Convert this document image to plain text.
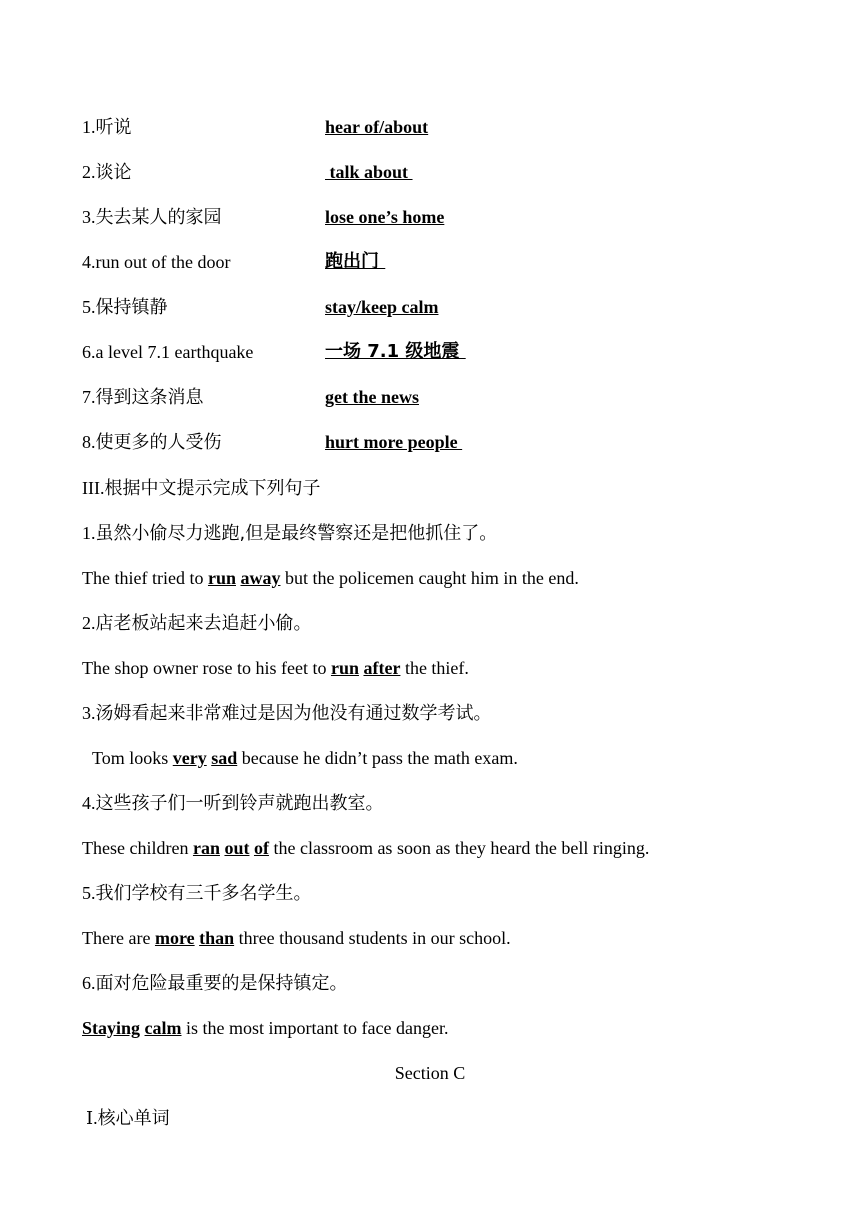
1.听说	hear of/about
2.谈论	talk about
3.失去某人的家园	lose one’s home
4.run out of the door	跑出门
5.保持镇静	stay/keep calm
6.a level 7.1 earthquake	一场 7.1 级地震
7.得到这条消息	get the news
8.使更多的人受伤	hurt more people
III.根据中文提示完成下列句子
1.虽然小偷尽力逃跑,但是最终警察还是把他抓住了。
The thief tried to run away but the policemen caught him in the end.
2.店老板站起来去追赶小偷。
The shop owner rose to his feet to run after the thief.
3.汤姆看起来非常难过是因为他没有通过数学考试。
Tom looks very sad because he didn’t pass the math exam.
4.这些孩子们一听到铃声就跑出教室。
These children ran out of the classroom as soon as they heard the bell ringing.
5.我们学校有三千多名学生。
There are more than three thousand students in our school.
6.面对危险最重要的是保持镇定。
Staying calm is the most important to face danger.
Section C
Ⅰ.核心单词
